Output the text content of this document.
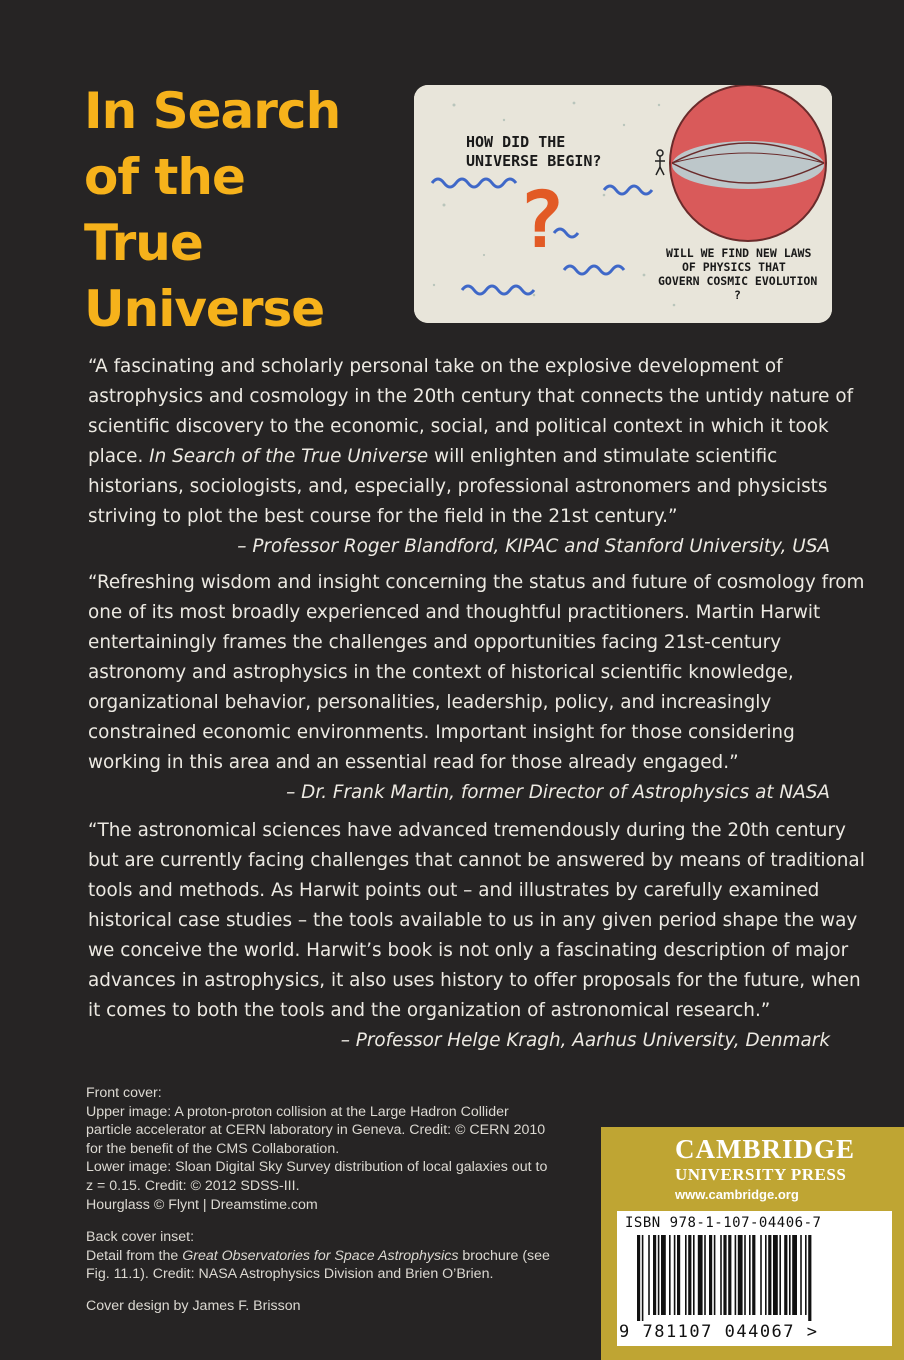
In Search
of the
True
Universe
?
HOW DID THE
UNIVERSE BEGIN?
WILL WE FIND NEW LAWS
OF PHYSICS THAT
GOVERN COSMIC EVOLUTION
?

“A fascinating and scholarly personal take on the explosive development of astrophysics and cosmology in the 20th century that connects the untidy nature of scientific discovery to the economic, social, and political context in which it took place. In Search of the True Universe will enlighten and stimulate scientific historians, sociologists, and, especially, professional astronomers and physicists striving to plot the best course for the field in the 21st century.”

– Professor Roger Blandford, KIPAC and Stanford University, USA

“Refreshing wisdom and insight concerning the status and future of cosmology from one of its most broadly experienced and thoughtful practitioners. Martin Harwit entertainingly frames the challenges and opportunities facing 21st-century astronomy and astrophysics in the context of historical scientific knowledge, organizational behavior, personalities, leadership, policy, and increasingly constrained economic environments. Important insight for those considering working in this area and an essential read for those already engaged.”

– Dr. Frank Martin, former Director of Astrophysics at NASA

“The astronomical sciences have advanced tremendously during the 20th century but are currently facing challenges that cannot be answered by means of traditional tools and methods. As Harwit points out – and illustrates by carefully examined historical case studies – the tools available to us in any given period shape the way we conceive the world. Harwit’s book is not only a fascinating description of major advances in astrophysics, it also uses history to offer proposals for the future, when it comes to both the tools and the organization of astronomical research.”

– Professor Helge Kragh, Aarhus University, Denmark

Front cover:

Upper image: A proton-proton collision at the Large Hadron Collider particle accelerator at CERN laboratory in Geneva. Credit: © CERN 2010 for the benefit of the CMS Collaboration.

Lower image: Sloan Digital Sky Survey distribution of local galaxies out to z = 0.15. Credit: © 2012 SDSS-III.

Hourglass © Flynt | Dreamstime.com

Back cover inset:

Detail from the Great Observatories for Space Astrophysics brochure (see Fig. 11.1). Credit: NASA Astrophysics Division and Brien O’Brien.

Cover design by James F. Brisson

CAMBRIDGE
UNIVERSITY PRESS
www.cambridge.org
ISBN 978-1-107-04406-7
9 781107 044067 >
